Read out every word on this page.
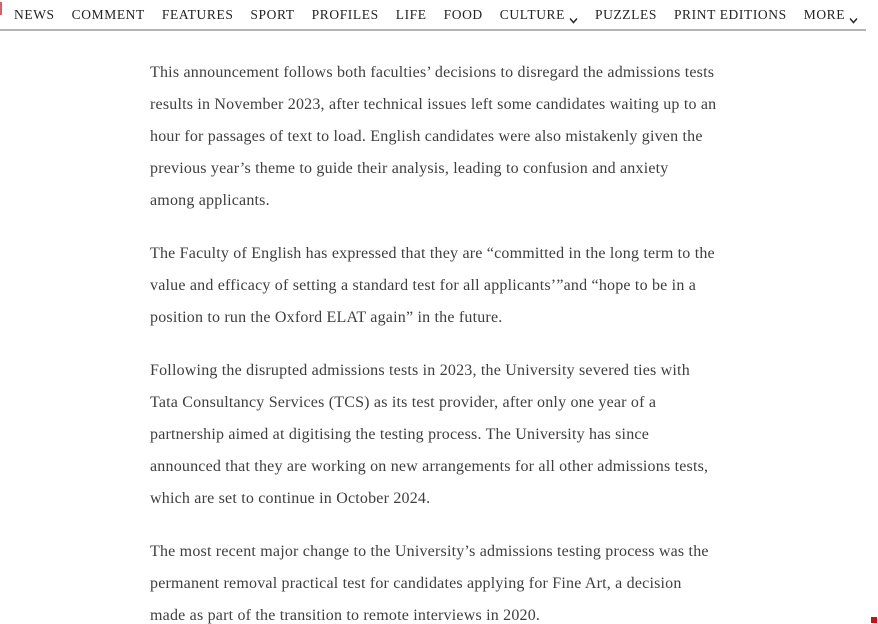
NEWS COMMENT FEATURES SPORT PROFILES LIFE FOOD CULTURE PUZZLES PRINT EDITIONS MORE

This announcement follows both faculties’ decisions to disregard the admissions tests results in November 2023, after technical issues left some candidates waiting up to an hour for passages of text to load. English candidates were also mistakenly given the previous year’s theme to guide their analysis, leading to confusion and anxiety among applicants.

The Faculty of English has expressed that they are “committed in the long term to the value and efficacy of setting a standard test for all applicants’”and “hope to be in a position to run the Oxford ELAT again” in the future.

Following the disrupted admissions tests in 2023, the University severed ties with Tata Consultancy Services (TCS) as its test provider, after only one year of a partnership aimed at digitising the testing process. The University has since announced that they are working on new arrangements for all other admissions tests, which are set to continue in October 2024.

The most recent major change to the University’s admissions testing process was the permanent removal practical test for candidates applying for Fine Art, a decision made as part of the transition to remote interviews in 2020.
